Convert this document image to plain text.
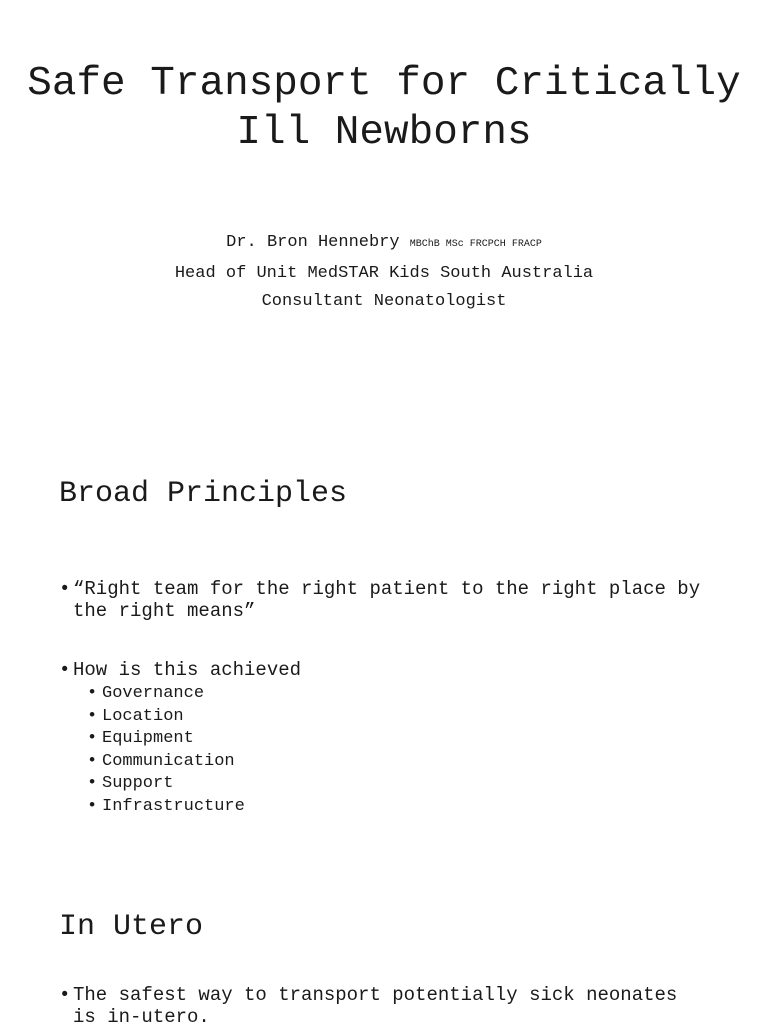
Safe Transport for Critically Ill Newborns
Dr. Bron Hennebry MBChB MSc FRCPCH FRACP
Head of Unit MedSTAR Kids South Australia
Consultant Neonatologist
Broad Principles
• “Right team for the right patient to the right place by the right means”
• How is this achieved
• Governance
• Location
• Equipment
• Communication
• Support
• Infrastructure
In Utero
• The safest way to transport potentially sick neonates is in-utero.
